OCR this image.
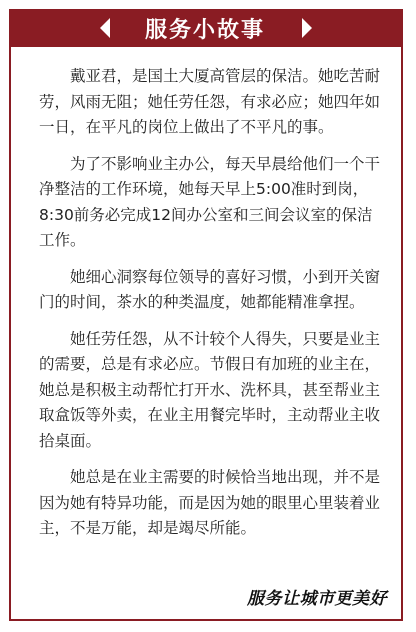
服务小故事

戴亚君，是国土大厦高管层的保洁。她吃苦耐劳，风雨无阻；她任劳任怨，有求必应；她四年如一日，在平凡的岗位上做出了不平凡的事。

为了不影响业主办公，每天早晨给他们一个干净整洁的工作环境，她每天早上5:00准时到岗，8:30前务必完成12间办公室和三间会议室的保洁工作。

她细心洞察每位领导的喜好习惯，小到开关窗门的时间，茶水的种类温度，她都能精准拿捏。

她任劳任怨，从不计较个人得失，只要是业主的需要，总是有求必应。节假日有加班的业主在，她总是积极主动帮忙打开水、洗杯具，甚至帮业主取盒饭等外卖，在业主用餐完毕时，主动帮业主收拾桌面。

她总是在业主需要的时候恰当地出现，并不是因为她有特异功能，而是因为她的眼里心里装着业主，不是万能，却是竭尽所能。

服务让城市更美好
